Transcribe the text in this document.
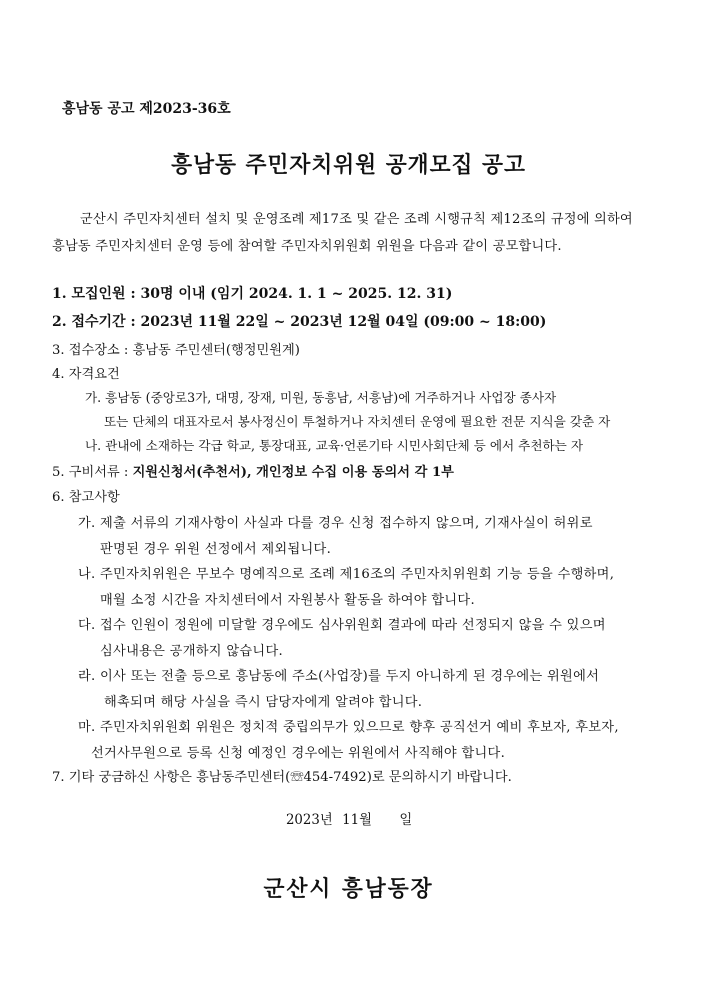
흥남동 공고 제2023-36호
흥남동 주민자치위원 공개모집 공고
군산시 주민자치센터 설치 및 운영조례 제17조 및 같은 조례 시행규칙 제12조의 규정에 의하여
흥남동 주민자치센터 운영 등에 참여할 주민자치위원회 위원을 다음과 같이 공모합니다.
1. 모집인원 : 30명 이내 (임기 2024. 1. 1 ~ 2025. 12. 31)
2. 접수기간 : 2023년 11월 22일 ~ 2023년 12월 04일 (09:00 ~ 18:00)
3. 접수장소 : 흥남동 주민센터(행정민원계)
4. 자격요건
가. 흥남동 (중앙로3가, 대명, 장재, 미원, 동흥남, 서흥남)에 거주하거나 사업장 종사자
또는 단체의 대표자로서 봉사정신이 투철하거나 자치센터 운영에 필요한 전문 지식을 갖춘 자
나. 관내에 소재하는 각급 학교, 통장대표, 교육·언론기타 시민사회단체 등 에서 추천하는 자
5. 구비서류 : 지원신청서(추천서), 개인정보 수집 이용 동의서 각 1부
6. 참고사항
가. 제출 서류의 기재사항이 사실과 다를 경우 신청 접수하지 않으며, 기재사실이 허위로
판명된 경우 위원 선정에서 제외됩니다.
나. 주민자치위원은 무보수 명예직으로 조례 제16조의 주민자치위원회 기능 등을 수행하며,
매월 소정 시간을 자치센터에서 자원봉사 활동을 하여야 합니다.
다. 접수 인원이 정원에 미달할 경우에도 심사위원회 결과에 따라 선정되지 않을 수 있으며
심사내용은 공개하지 않습니다.
라. 이사 또는 전출 등으로 흥남동에 주소(사업장)를 두지 아니하게 된 경우에는 위원에서
해촉되며 해당 사실을 즉시 담당자에게 알려야 합니다.
마. 주민자치위원회 위원은 정치적 중립의무가 있으므로 향후 공직선거 예비 후보자, 후보자,
선거사무원으로 등록 신청 예정인 경우에는 위원에서 사직해야 합니다.
7. 기타 궁금하신 사항은 흥남동주민센터(☏454-7492)로 문의하시기 바랍니다.
2023년 11월 일
군산시 흥남동장
